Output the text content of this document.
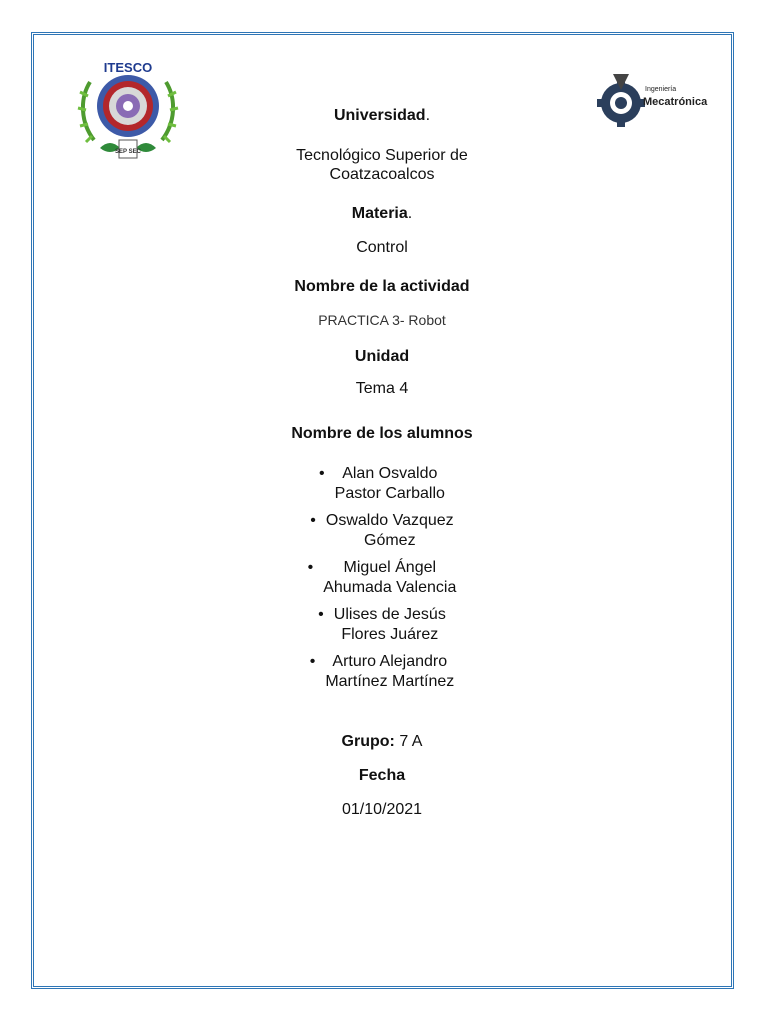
ITESCO
SEP SEC
Ingeniería
Mecatrónica
Universidad.
Tecnológico Superior de Coatzacoalcos
Materia.
Control
Nombre de la actividad
PRACTICA 3- Robot
Unidad
Tema 4
Nombre de los alumnos
• Alan Osvaldo
Pastor Carballo
• Oswaldo Vazquez
Gómez
• Miguel Ángel
Ahumada Valencia
• Ulises de Jesús
Flores Juárez
• Arturo Alejandro
Martínez Martínez
Grupo: 7 A
Fecha
01/10/2021
